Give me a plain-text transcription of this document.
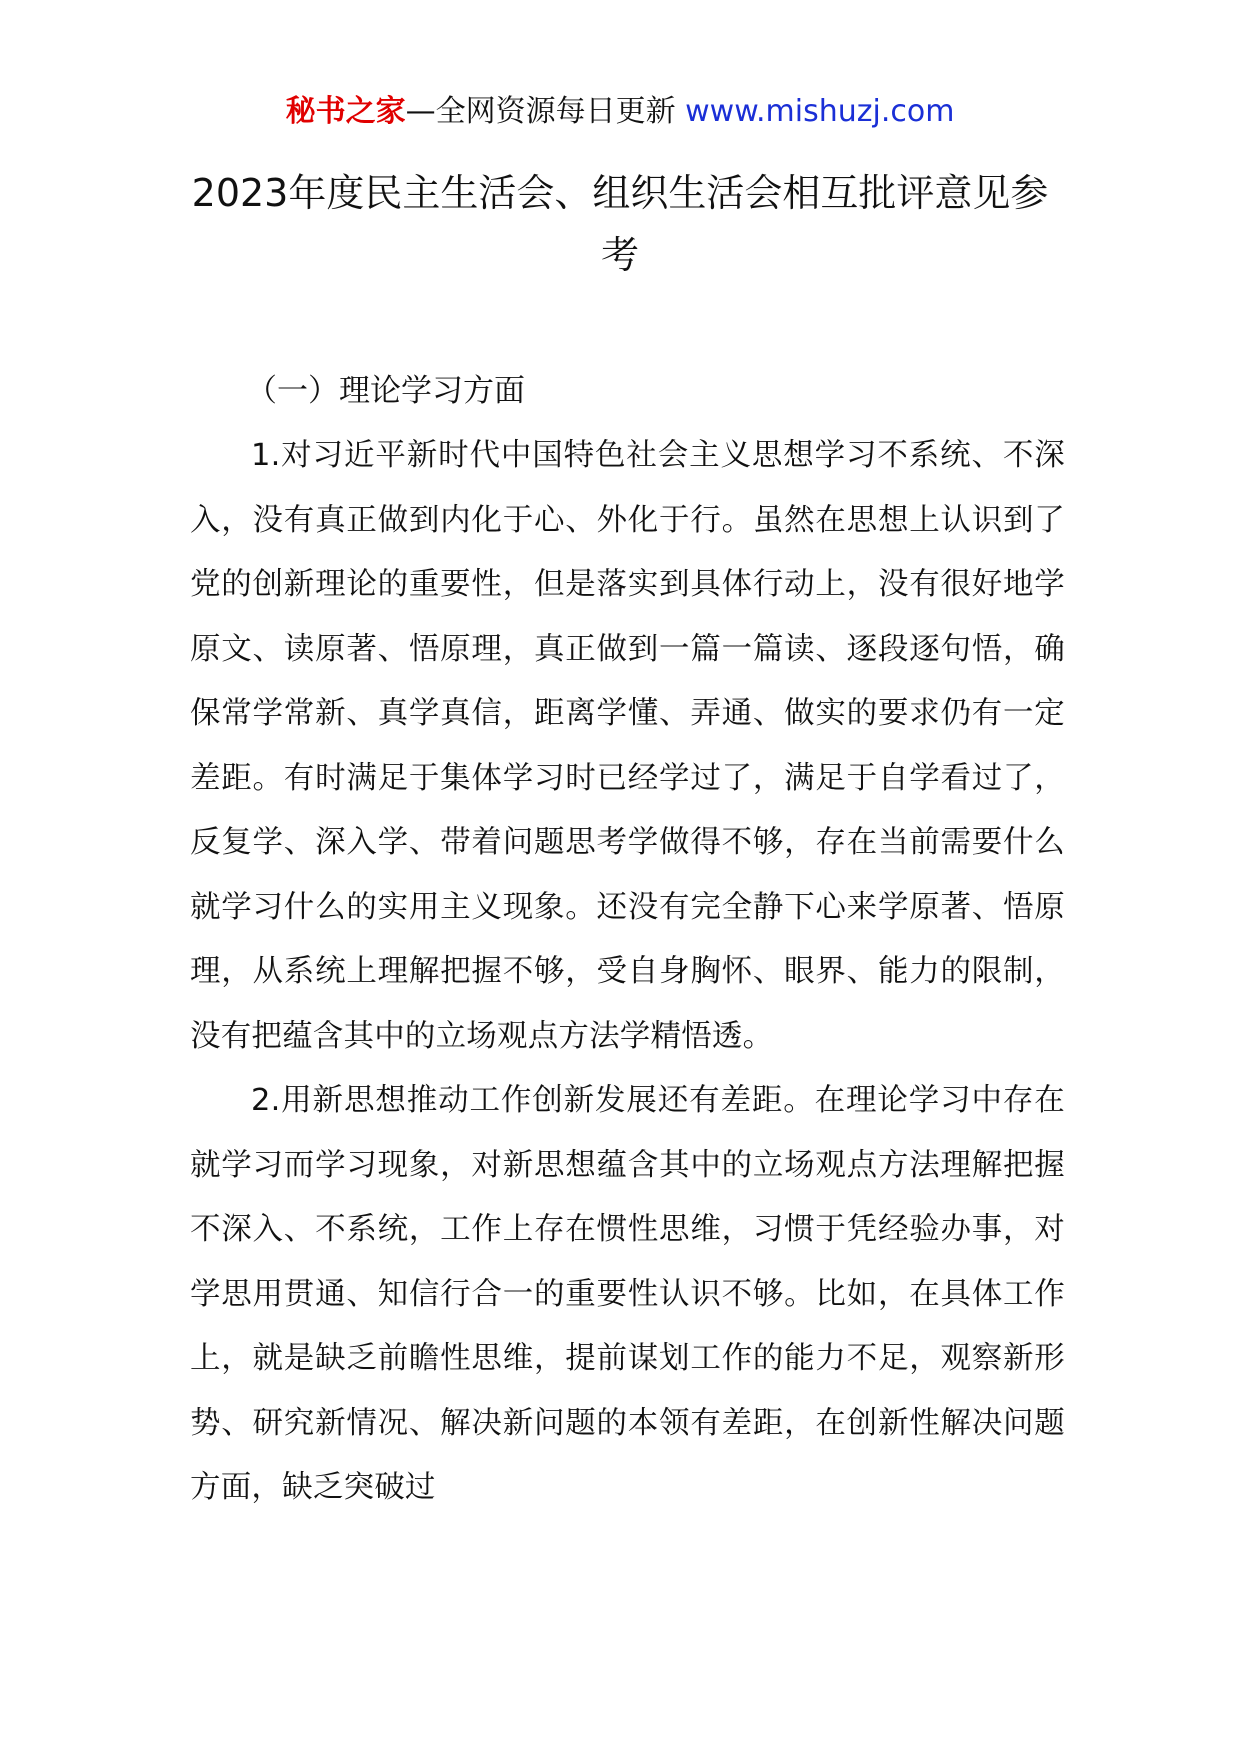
秘书之家—全网资源每日更新 www.mishuzj.com
2023年度民主生活会、组织生活会相互批评意见参考

（一）理论学习方面

1.对习近平新时代中国特色社会主义思想学习不系统、不深入，没有真正做到内化于心、外化于行。虽然在思想上认识到了党的创新理论的重要性，但是落实到具体行动上，没有很好地学原文、读原著、悟原理，真正做到一篇一篇读、逐段逐句悟，确保常学常新、真学真信，距离学懂、弄通、做实的要求仍有一定差距。有时满足于集体学习时已经学过了，满足于自学看过了，反复学、深入学、带着问题思考学做得不够，存在当前需要什么就学习什么的实用主义现象。还没有完全静下心来学原著、悟原理，从系统上理解把握不够，受自身胸怀、眼界、能力的限制，没有把蕴含其中的立场观点方法学精悟透。

2.用新思想推动工作创新发展还有差距。在理论学习中存在就学习而学习现象，对新思想蕴含其中的立场观点方法理解把握不深入、不系统，工作上存在惯性思维，习惯于凭经验办事，对学思用贯通、知信行合一的重要性认识不够。比如，在具体工作上，就是缺乏前瞻性思维，提前谋划工作的能力不足，观察新形势、研究新情况、解决新问题的本领有差距，在创新性解决问题方面，缺乏突破过
